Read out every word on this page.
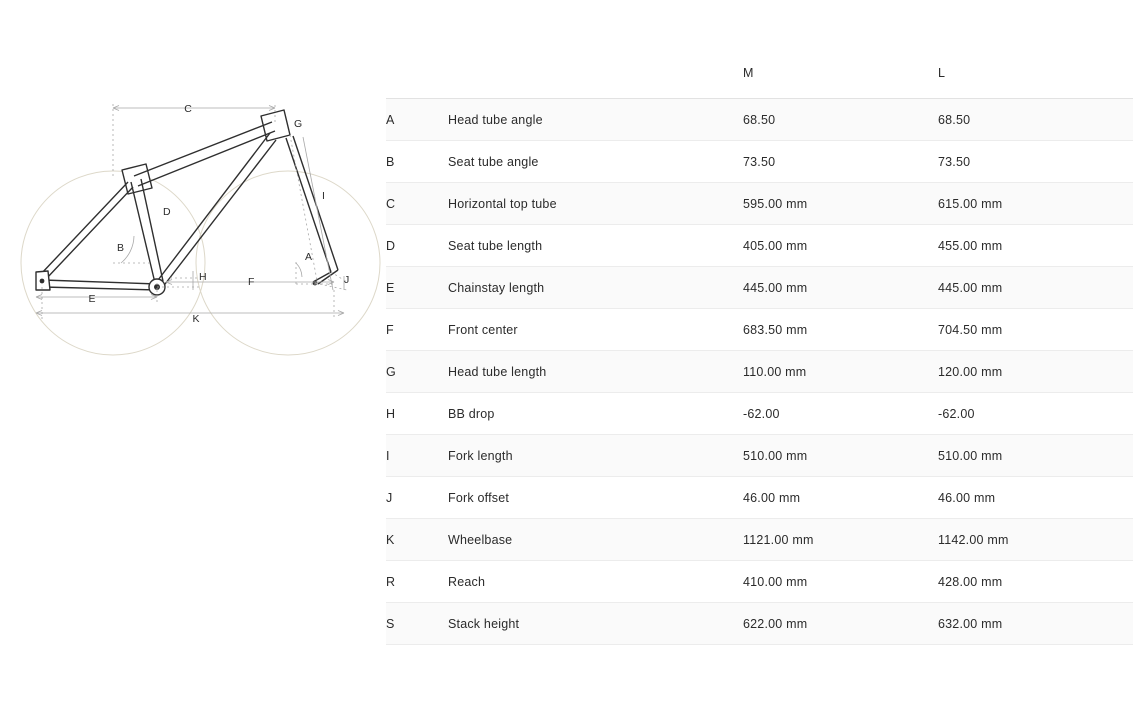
C
G
I
D
B
A
H	F	J
E
K
		M	L
A	Head tube angle	68.50	68.50
B	Seat tube angle	73.50	73.50
C	Horizontal top tube	595.00 mm	615.00 mm
D	Seat tube length	405.00 mm	455.00 mm
E	Chainstay length	445.00 mm	445.00 mm
F	Front center	683.50 mm	704.50 mm
G	Head tube length	110.00 mm	120.00 mm
H	BB drop	-62.00	-62.00
I	Fork length	510.00 mm	510.00 mm
J	Fork offset	46.00 mm	46.00 mm
K	Wheelbase	1121.00 mm	1142.00 mm
R	Reach	410.00 mm	428.00 mm
S	Stack height	622.00 mm	632.00 mm
